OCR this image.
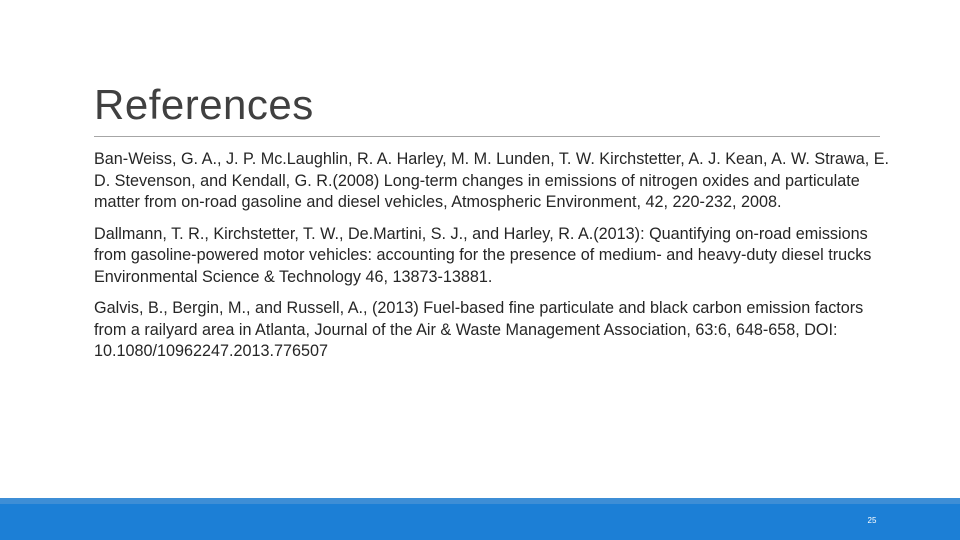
References

Ban-Weiss, G. A., J. P. Mc.Laughlin, R. A. Harley, M. M. Lunden, T. W. Kirchstetter, A. J. Kean, A. W. Strawa, E. D. Stevenson, and Kendall, G. R.(2008) Long-term changes in emissions of nitrogen oxides and particulate matter from on-road gasoline and diesel vehicles, Atmospheric Environment, 42, 220-232, 2008.

Dallmann, T. R., Kirchstetter, T. W., De.Martini, S. J., and Harley, R. A.(2013): Quantifying on-road emissions from gasoline-powered motor vehicles: accounting for the presence of medium- and heavy-duty diesel trucks Environmental Science & Technology 46, 13873-13881.

Galvis, B., Bergin, M., and Russell, A., (2013) Fuel-based fine particulate and black carbon emission factors from a railyard area in Atlanta, Journal of the Air & Waste Management Association, 63:6, 648-658, DOI: 10.1080/10962247.2013.776507

25
